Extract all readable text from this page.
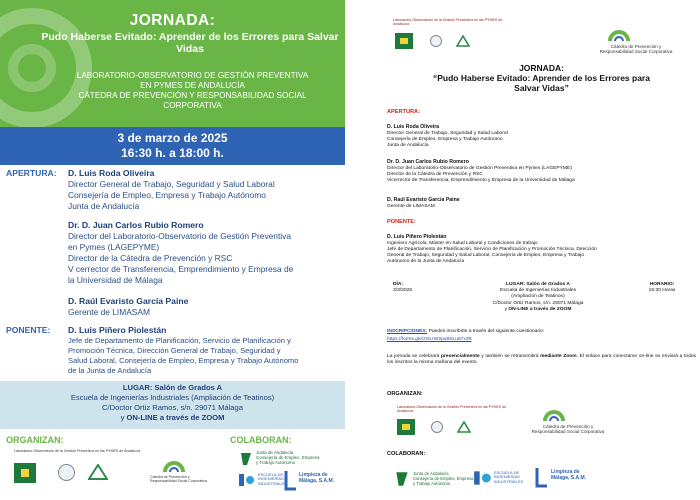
JORNADA:
Pudo Haberse Evitado: Aprender de los Errores para Salvar Vidas
LABORATORIO-OBSERVATORIO DE GESTIÓN PREVENTIVA
EN PYMES DE ANDALUCÍA
CÁTEDRA DE PREVENCIÓN Y RESPONSABILIDAD SOCIAL
CORPORATIVA
3 de marzo de 2025
16:30 h. a 18:00 h.
APERTURA: D. Luis Roda Oliveira
Director General de Trabajo, Seguridad y Salud Laboral
Consejería de Empleo, Empresa y Trabajo Autónomo
Junta de Andalucía
Dr. D. Juan Carlos Rubio Romero
Director del Laboratorio-Observatorio de Gestión Preventiva
en Pymes (LAGEPYME)
Director de la Cátedra de Prevención y RSC
V cerrector de Transferencia, Emprendimiento y Empresa de
la Universidad de Málaga
D. Raúl Evaristo García Paine
Gerente de LIMASAM
PONENTE: D. Luis Piñero Piolestán
Jefe de Departamento de Planificación, Servicio de Planificación y
Promoción Técnica, Dirección General de Trabajo, Seguridad y
Salud Laboral, Consejería de Empleo, Empresa y Trabajo Autónomo
de la Junta de Andalucía
LUGAR: Salón de Grados A
Escuela de Ingenierías Industriales (Ampliación de Teatinos)
C/Doctor Ortiz Ramos, s/n. 29071 Málaga
y ON-LINE a través de ZOOM
ORGANIZAN:	COLABORAN:
Laboratorio-Observatorio de la Gestión Preventiva en las PYMES de Andalucía
Cátedra de Prevención y
Responsabilidad Social Corporativa
Junta de Andalucía
Consejería de Empleo, Empresa
y Trabajo Autónomo
ESCUELA DE
INGENIERÍAS
INDUSTRIALES
Limpieza de
Málaga, S.A.M.
Laboratorio-Observatorio de la Gestión Preventiva en las PYMES de Andalucía
Cátedra de Prevención y
Responsabilidad Social Corporativa
JORNADA:
“Pudo Haberse Evitado: Aprender de los Errores para
Salvar Vidas”
APERTURA:
D. Luis Roda Oliveira
Director General de Trabajo, Seguridad y Salud Laboral
Consejería de Empleo, Empresa y Trabajo Autónomo
Junta de Andalucía
Dr. D. Juan Carlos Rubio Romero
Director del Laboratorio-Observatorio de Gestión Preventiva en Pymes (LAGEPYME)
Director de la Cátedra de Prevención y RSC
Vicerrector de Transferencia, Emprendimiento y Empresa de la Universidad de Málaga
D. Raúl Evaristo García Paine
Gerente de LIMASAM
PONENTE:
D. Luis Piñero Piolestán
Ingeniero Agrícola, Máster en Salud Laboral y Condiciones de trabajo
Jefe de Departamento de Planificación, Servicio de Planificación y Promoción Técnica, Dirección
General de Trabajo, Seguridad y Salud Laboral, Consejería de Empleo, Empresa y Trabajo
Autónomo de la Junta de Andalucía
DÍA:
3/3/2025
LUGAR: Salón de Grados A
Escuela de Ingenierías Industriales
(Ampliación de Teatinos)
C/Doctor Ortiz Ramos, s/n. 29071 Málaga
y ON-LINE a través de ZOOM
HORARIO:
16:30 Horas
INSCRIPCIONES: Puedes inscribirte a través del siguiente cuestionario:
https://forms.gle/zGLrW2pu9SLu67xZ8
La jornada se celebrará presencialmente y también se retransmitirá mediante Zoom. El enlace para conectarse on-line se enviará a todos los inscritos la misma mañana del evento.
ORGANIZAN:
Laboratorio-Observatorio de la Gestión Preventiva en las PYMES de Andalucía
Cátedra de Prevención y
Responsabilidad Social Corporativa
COLABORAN:
Junta de Andalucía
Consejería de Empleo, Empresa
y Trabajo Autónomo
ESCUELA DE
INGENIERÍAS
INDUSTRIALES
Limpieza de
Málaga, S.A.M.
